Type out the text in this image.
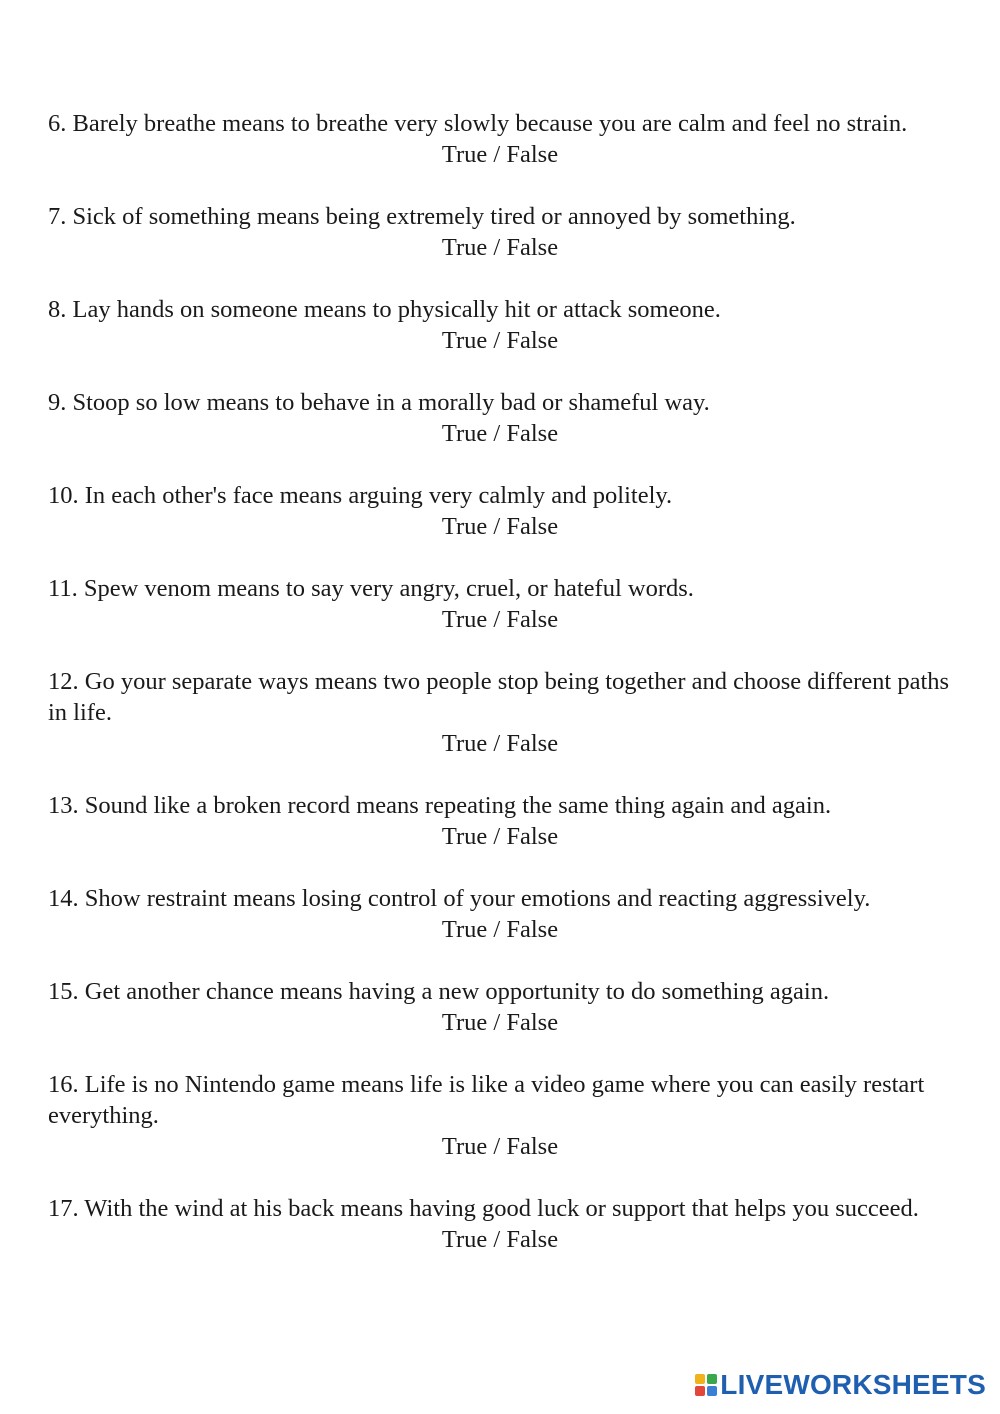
6. Barely breathe means to breathe very slowly because you are calm and feel no strain.

True / False

7. Sick of something means being extremely tired or annoyed by something.

True / False

8. Lay hands on someone means to physically hit or attack someone.

True / False

9. Stoop so low means to behave in a morally bad or shameful way.

True / False

10. In each other's face means arguing very calmly and politely.

True / False

11. Spew venom means to say very angry, cruel, or hateful words.

True / False

12. Go your separate ways means two people stop being together and choose different paths in life.

True / False

13. Sound like a broken record means repeating the same thing again and again.

True / False

14. Show restraint means losing control of your emotions and reacting aggressively.

True / False

15. Get another chance means having a new opportunity to do something again.

True / False

16. Life is no Nintendo game means life is like a video game where you can easily restart everything.

True / False

17. With the wind at his back means having good luck or support that helps you succeed.

True / False
LIVEWORKSHEETS
